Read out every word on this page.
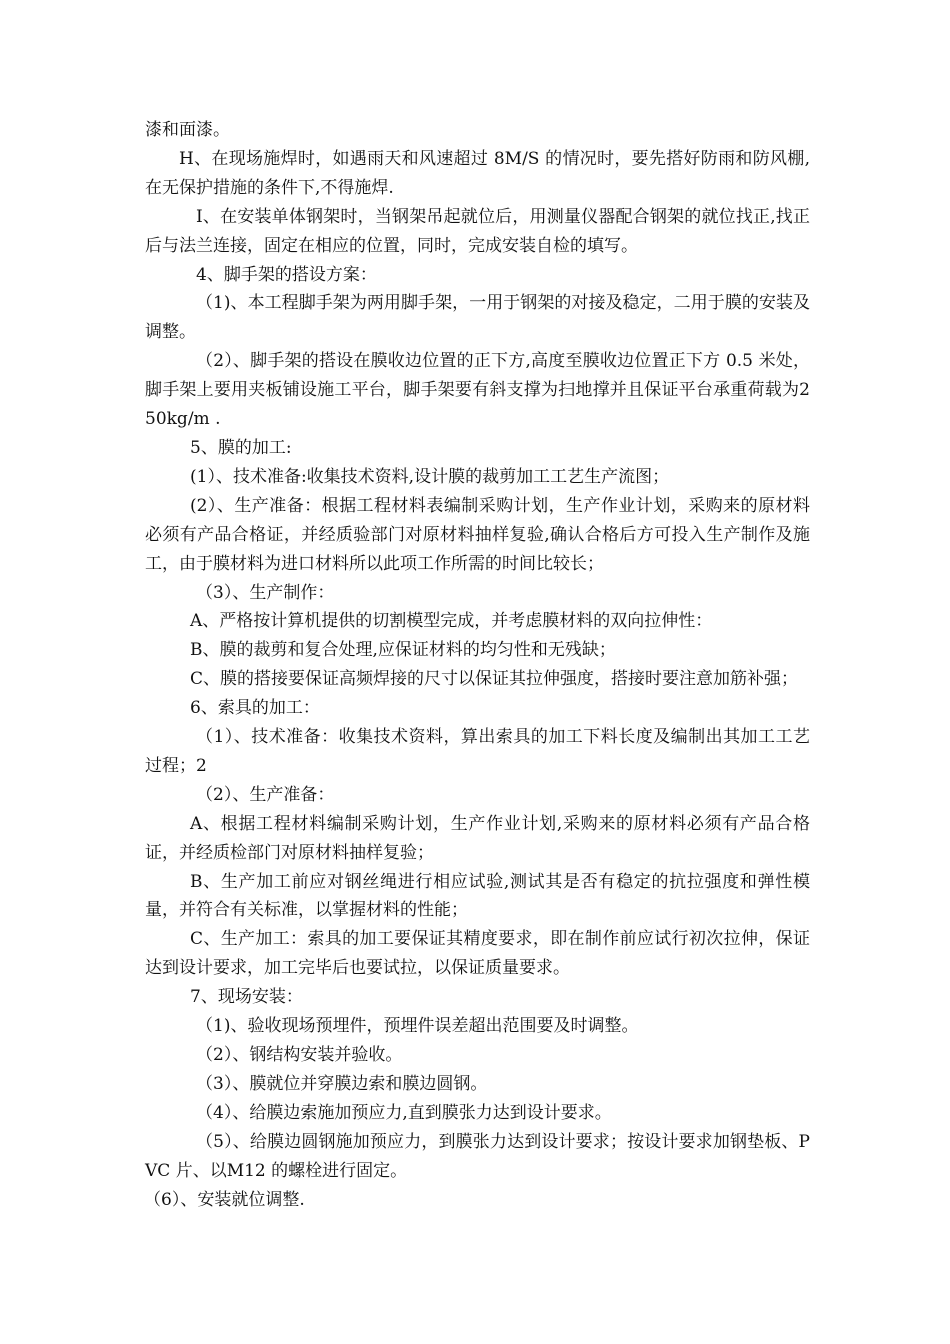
漆和面漆。

H、在现场施焊时，如遇雨天和风速超过 8M/S 的情况时，要先搭好防雨和防风棚,在无保护措施的条件下,不得施焊.

I、在安装单体钢架时，当钢架吊起就位后，用测量仪器配合钢架的就位找正,找正后与法兰连接，固定在相应的位置，同时，完成安装自检的填写。

4、脚手架的搭设方案：

（1)、本工程脚手架为两用脚手架，一用于钢架的对接及稳定，二用于膜的安装及调整。

（2）、脚手架的搭设在膜收边位置的正下方,高度至膜收边位置正下方 0.5 米处，脚手架上要用夹板铺设施工平台，脚手架要有斜支撑为扫地撑并且保证平台承重荷载为250kg/m .

5、膜的加工:

(1）、技术准备:收集技术资料,设计膜的裁剪加工工艺生产流图；

(2）、生产准备：根据工程材料表编制采购计划，生产作业计划，采购来的原材料必须有产品合格证，并经质验部门对原材料抽样复验,确认合格后方可投入生产制作及施工，由于膜材料为进口材料所以此项工作所需的时间比较长；

（3）、生产制作：

A、严格按计算机提供的切割模型完成，并考虑膜材料的双向拉伸性：

B、膜的裁剪和复合处理,应保证材料的均匀性和无残缺；

C、膜的搭接要保证高频焊接的尺寸以保证其拉伸强度，搭接时要注意加筋补强；

6、索具的加工：

（1）、技术准备：收集技术资料，算出索具的加工下料长度及编制出其加工工艺过程；2

（2）、生产准备：

A、根据工程材料编制采购计划，生产作业计划,采购来的原材料必须有产品合格证，并经质检部门对原材料抽样复验；

B、生产加工前应对钢丝绳进行相应试验,测试其是否有稳定的抗拉强度和弹性模量，并符合有关标准，以掌握材料的性能；

C、生产加工：索具的加工要保证其精度要求，即在制作前应试行初次拉伸，保证达到设计要求，加工完毕后也要试拉，以保证质量要求。

7、现场安装：

（1)、验收现场预埋件，预埋件误差超出范围要及时调整。

（2）、钢结构安装并验收。

（3）、膜就位并穿膜边索和膜边圆钢。

（4）、给膜边索施加预应力,直到膜张力达到设计要求。

（5）、给膜边圆钢施加预应力，到膜张力达到设计要求；按设计要求加钢垫板、PVC 片、以M12 的螺栓进行固定。

（6）、安装就位调整.
